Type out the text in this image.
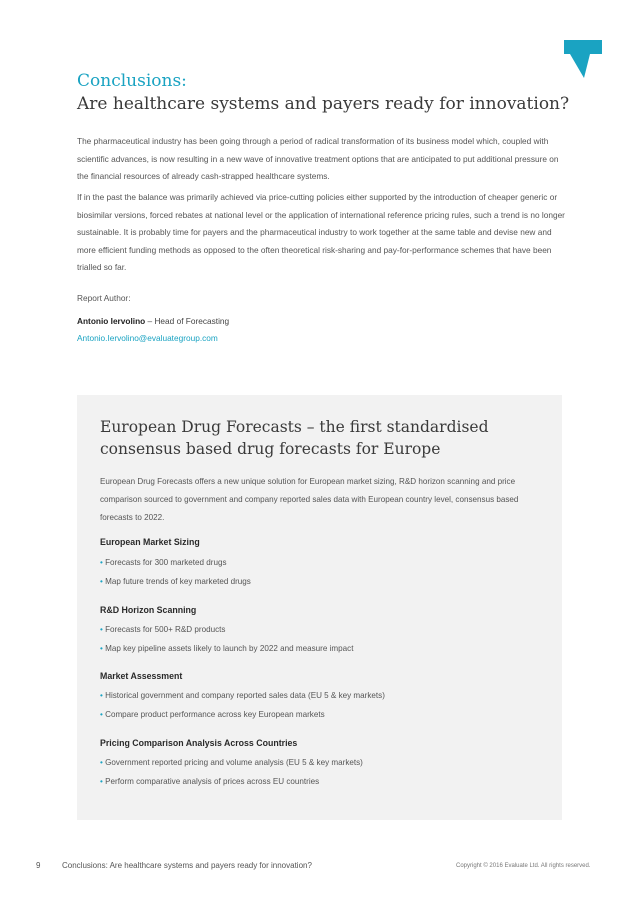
Conclusions:
Are healthcare systems and payers ready for innovation?
The pharmaceutical industry has been going through a period of radical transformation of its business model which, coupled with scientific advances, is now resulting in a new wave of innovative treatment options that are anticipated to put additional pressure on the financial resources of already cash-strapped healthcare systems.
If in the past the balance was primarily achieved via price-cutting policies either supported by the introduction of cheaper generic or biosimilar versions, forced rebates at national level or the application of international reference pricing rules, such a trend is no longer sustainable. It is probably time for payers and the pharmaceutical industry to work together at the same table and devise new and more efficient funding methods as opposed to the often theoretical risk-sharing and pay-for-performance schemes that have been trialled so far.
Report Author:
Antonio Iervolino – Head of Forecasting
Antonio.Iervolino@evaluategroup.com
European Drug Forecasts – the first standardised consensus based drug forecasts for Europe
European Drug Forecasts offers a new unique solution for European market sizing, R&D horizon scanning and price comparison sourced to government and company reported sales data with European country level, consensus based forecasts to 2022.
European Market Sizing
• Forecasts for 300 marketed drugs
• Map future trends of key marketed drugs
R&D Horizon Scanning
• Forecasts for 500+ R&D products
• Map key pipeline assets likely to launch by 2022 and measure impact
Market Assessment
• Historical government and company reported sales data (EU 5 & key markets)
• Compare product performance across key European markets
Pricing Comparison Analysis Across Countries
• Government reported pricing and volume analysis (EU 5 & key markets)
• Perform comparative analysis of prices across EU countries
9	Conclusions: Are healthcare systems and payers ready for innovation?	Copyright © 2016 Evaluate Ltd. All rights reserved.
